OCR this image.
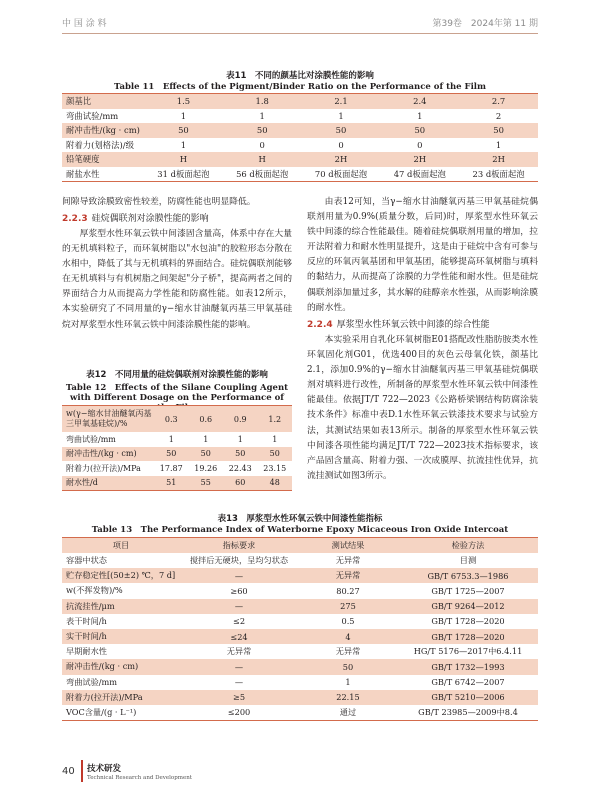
中 国 涂 料	第39卷　2024年第 11 期
表11　不同的颜基比对涂膜性能的影响
Table 11　Effects of the Pigment/Binder Ratio on the Performance of the Film
颜基比	1.5	1.8	2.1	2.4	2.7
弯曲试验/mm	1	1	1	1	2
耐冲击性/(kg · cm)	50	50	50	50	50
附着力(划格法)/级	1	0	0	0	1
铅笔硬度	H	H	2H	2H	2H
耐盐水性	31 d板面起泡	56 d板面起泡	70 d板面起泡	47 d板面起泡	23 d板面起泡
间隙导致涂膜致密性较差，防腐性能也明显降低。
2.2.3 硅烷偶联剂对涂膜性能的影响
厚浆型水性环氧云铁中间漆固含量高，体系中存在大量的无机填料粒子，而环氧树脂以"水包油"的胶粒形态分散在水相中，降低了其与无机填料的界面结合。硅烷偶联剂能够在无机填料与有机树脂之间架起"分子桥"，提高两者之间的界面结合力从而提高力学性能和防腐性能。如表12所示，本实验研究了不同用量的γ−缩水甘油醚氧丙基三甲氧基硅烷对厚浆型水性环氧云铁中间漆涂膜性能的影响。
表12　不同用量的硅烷偶联剂对涂膜性能的影响
Table 12　Effects of the Silane Coupling Agent with Different Dosage on the Performance of the Film
w(γ−缩水甘油醚氧丙基三甲氧基硅烷)/%	0.3	0.6	0.9	1.2
弯曲试验/mm	1	1	1	1
耐冲击性/(kg · cm)	50	50	50	50
附着力(拉开法)/MPa	17.87	19.26	22.43	23.15
耐水性/d	51	55	60	48
由表12可知，当γ−缩水甘油醚氧丙基三甲氧基硅烷偶联剂用量为0.9%(质量分数，后同)时，厚浆型水性环氧云铁中间漆的综合性能最佳。随着硅烷偶联剂用量的增加，拉开法附着力和耐水性明显提升，这是由于硅烷中含有可参与反应的环氧丙氧基团和甲氧基团，能够提高环氧树脂与填料的黏结力，从而提高了涂膜的力学性能和耐水性。但是硅烷偶联剂添加量过多，其水解的硅醇亲水性强，从而影响涂膜的耐水性。
2.2.4 厚浆型水性环氧云铁中间漆的综合性能
本实验采用自乳化环氧树脂E01搭配改性脂肪胺类水性环氧固化剂G01，优选400目的灰色云母氧化铁，颜基比2.1，添加0.9%的γ−缩水甘油醚氧丙基三甲氧基硅烷偶联剂对填料进行改性，所制备的厚浆型水性环氧云铁中间漆性能最佳。依据JT/T 722—2023《公路桥梁钢结构防腐涂装技术条件》标准中表D.1水性环氧云铁漆技术要求与试验方法，其测试结果如表13所示。制备的厚浆型水性环氧云铁中间漆各项性能均满足JT/T 722—2023技术指标要求，该产品固含量高、附着力强、一次成膜厚、抗流挂性优异，抗流挂测试如图3所示。
表13　厚浆型水性环氧云铁中间漆性能指标
Table 13　The Performance Index of Waterborne Epoxy Micaceous Iron Oxide Intercoat
项目	指标要求	测试结果	检验方法
容器中状态	搅拌后无硬块，呈均匀状态	无异常	目测
贮存稳定性[(50±2) ℃，7 d]	—	无异常	GB/T 6753.3—1986
w(不挥发物)/%	≥60	80.27	GB/T 1725—2007
抗流挂性/μm	—	275	GB/T 9264—2012
表干时间/h	≤2	0.5	GB/T 1728—2020
实干时间/h	≤24	4	GB/T 1728—2020
早期耐水性	无异常	无异常	HG/T 5176—2017中6.4.11
耐冲击性/(kg · cm)	—	50	GB/T 1732—1993
弯曲试验/mm	—	1	GB/T 6742—2007
附着力(拉开法)/MPa	≥5	22.15	GB/T 5210—2006
VOC含量/(g · L⁻¹)	≤200	通过	GB/T 23985—2009中8.4
40 技术研发
Technical Research and Development
